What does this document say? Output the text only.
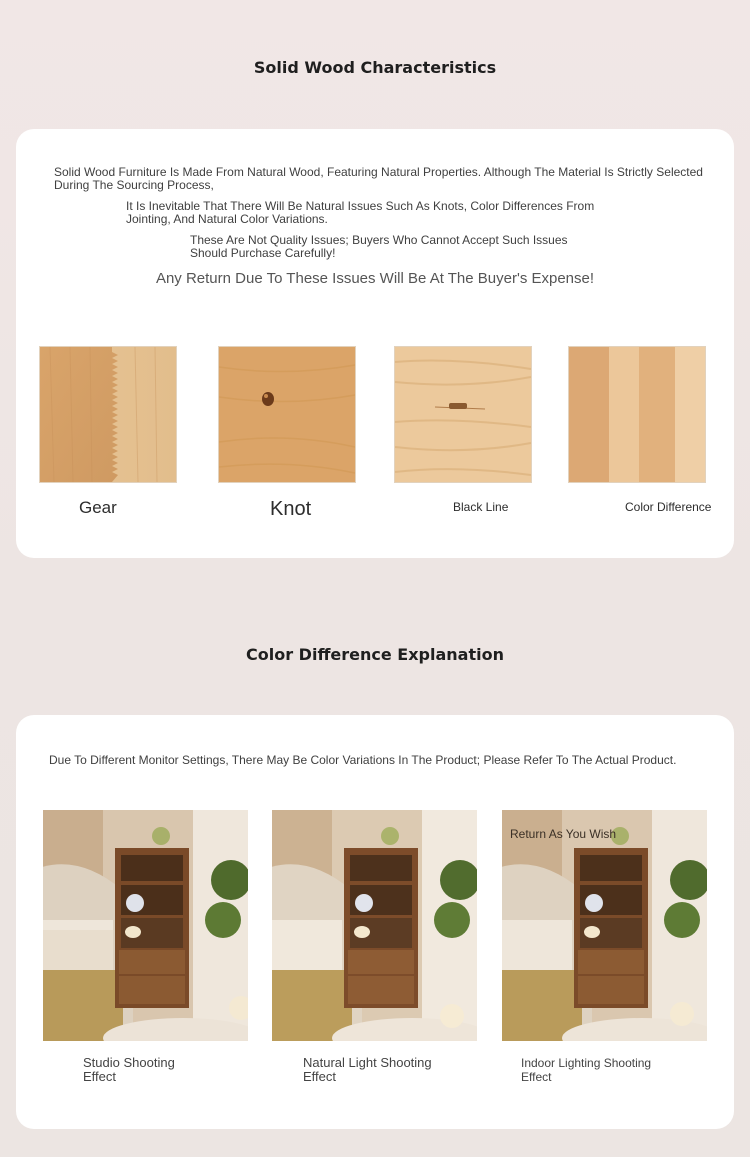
Solid Wood Characteristics
Solid Wood Furniture Is Made From Natural Wood, Featuring Natural Properties. Although The Material Is Strictly Selected During The Sourcing Process,
It Is Inevitable That There Will Be Natural Issues Such As Knots, Color Differences From Jointing, And Natural Color Variations.
These Are Not Quality Issues; Buyers Who Cannot Accept Such Issues Should Purchase Carefully!
Any Return Due To These Issues Will Be At The Buyer's Expense!
Gear	Knot	Black Line	Color Difference
Color Difference Explanation
Due To Different Monitor Settings, There May Be Color Variations In The Product; Please Refer To The Actual Product.
Return As You Wish
Studio Shooting Effect
Natural Light Shooting Effect
Indoor Lighting Shooting Effect
